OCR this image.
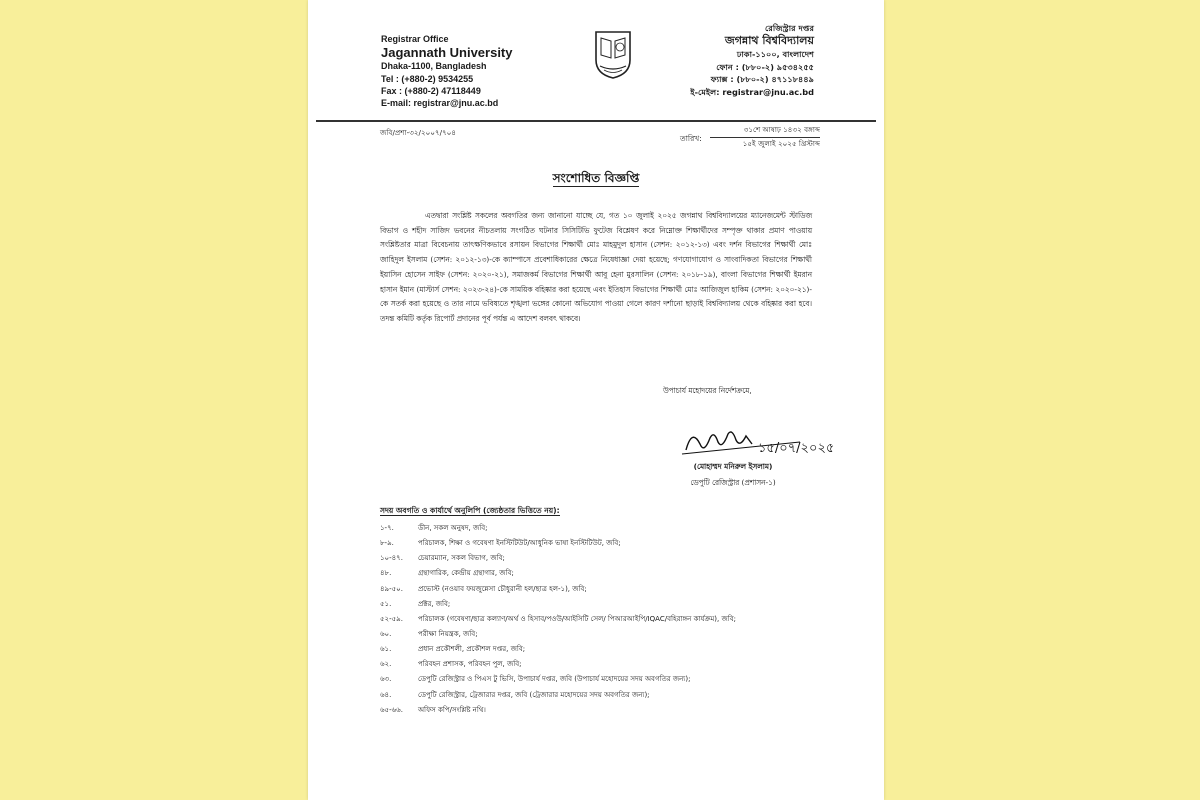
Registrar Office
Jagannath University
Dhaka-1100, Bangladesh
Tel : (+880-2) 9534255
Fax : (+880-2) 47118449
E-mail: registrar@jnu.ac.bd
রেজিস্ট্রার দপ্তর
জগন্নাথ বিশ্ববিদ্যালয়
ঢাকা-১১০০, বাংলাদেশ
ফোন : (৮৮০-২) ৯৫৩৪২৫৫
ফ্যাক্স : (৮৮০-২) ৪৭১১৮৪৪৯
ই-মেইল: registrar@jnu.ac.bd
জবি/প্রশা-৩২/২০০৭/৭০৪
তারিখ:
৩১শে আষাঢ় ১৪৩২ বঙ্গাব্দ
১৫ই জুলাই ২০২৫ খ্রিস্টাব্দ
সংশোধিত বিজ্ঞপ্তি
এতদ্বারা সংশ্লিষ্ট সকলের অবগতির জন্য জানানো যাচ্ছে যে, গত ১০ জুলাই ২০২৫ জগন্নাথ বিশ্ববিদ্যালয়ের ম্যানেজমেন্ট স্টাডিজ বিভাগ ও শহীদ সাজিদ ভবনের নীচতলায় সংগঠিত ঘটনার সিসিটিভি ফুটেজ বিশ্লেষণ করে নিম্নোক্ত শিক্ষার্থীদের সম্পৃক্ত থাকার প্রমাণ পাওয়ায় সংশ্লিষ্টতার মাত্রা বিবেচনায় তাৎক্ষণিকভাবে রসায়ন বিভাগের শিক্ষার্থী মোঃ মাহমুদুল হাসান (সেশন: ২০১২-১৩) এবং দর্শন বিভাগের শিক্ষার্থী মোঃ জাহিদুল ইসলাম (সেশন: ২০১২-১৩)-কে ক্যাম্পাসে প্রবেশাধিকারের ক্ষেত্রে নিষেধাজ্ঞা দেয়া হয়েছে; গণযোগাযোগ ও সাংবাদিকতা বিভাগের শিক্ষার্থী ইয়াসিন হোসেন সাইফ (সেশন: ২০২০-২১), সমাজকর্ম বিভাগের শিক্ষার্থী আবু হেনা মুরসালিন (সেশন: ২০১৮-১৯), বাংলা বিভাগের শিক্ষার্থী ইমরান হাসান ইমান (মাস্টার্স সেশন: ২০২৩-২৪)-কে সাময়িক বহিষ্কার করা হয়েছে এবং ইতিহাস বিভাগের শিক্ষার্থী মোঃ আজিজুল হাকিম (সেশন: ২০২০-২১)-কে সতর্ক করা হয়েছে ও তার নামে ভবিষ্যতে শৃঙ্খলা ভঙ্গের কোনো অভিযোগ পাওয়া গেলে কারণ দর্শানো ছাড়াই বিশ্ববিদ্যালয় থেকে বহিষ্কার করা হবে। তদন্ত কমিটি কর্তৃক রিপোর্ট প্রদানের পূর্ব পর্যন্ত এ আদেশ বলবৎ থাকবে।
উপাচার্য মহোদয়ের নির্দেশক্রমে,
১৫/০৭/২০২৫
(মোহাম্মদ মনিরুল ইসলাম)
ডেপুটি রেজিস্ট্রার (প্রশাসন-১)
সদয় অবগতি ও কার্যার্থে অনুলিপি (জ্যেষ্ঠতার ভিত্তিতে নয়):
১-৭.	ডীন, সকল অনুষদ, জবি;
৮-৯.	পরিচালক, শিক্ষা ও গবেষণা ইনস্টিটিউট/আধুনিক ভাষা ইনস্টিটিউট, জবি;
১০-৪৭.	চেয়ারম্যান, সকল বিভাগ, জবি;
৪৮.	গ্রন্থাগারিক, কেন্দ্রীয় গ্রন্থাগার, জবি;
৪৯-৫০.	প্রভোস্ট (নওয়াব ফয়জুন্নেসা চৌধুরানী হল/ছাত্র হল-১), জবি;
৫১.	প্রক্টর, জবি;
৫২-৫৯.	পরিচালক (গবেষণা/ছাত্র কল্যাণ/অর্থ ও হিসাব/পওউ/আইসিটি সেল/ পিআরআইপি/IQAC/বহিরাঙ্গন কার্যক্রম), জবি;
৬০.	পরীক্ষা নিয়ন্ত্রক, জবি;
৬১.	প্রধান প্রকৌশলী, প্রকৌশল দপ্তর, জবি;
৬২.	পরিবহন প্রশাসক, পরিবহন পুল, জবি;
৬৩.	ডেপুটি রেজিস্ট্রার ও পিএস টু ভিসি, উপাচার্য দপ্তর, জবি (উপাচার্য মহোদয়ের সদয় অবগতির জন্য);
৬৪.	ডেপুটি রেজিস্ট্রার, ট্রেজারার দপ্তর, জবি (ট্রেজারার মহোদয়ের সদয় অবগতির জন্য);
৬৫-৬৬.	অফিস কপি/সংশ্লিষ্ট নথি।
